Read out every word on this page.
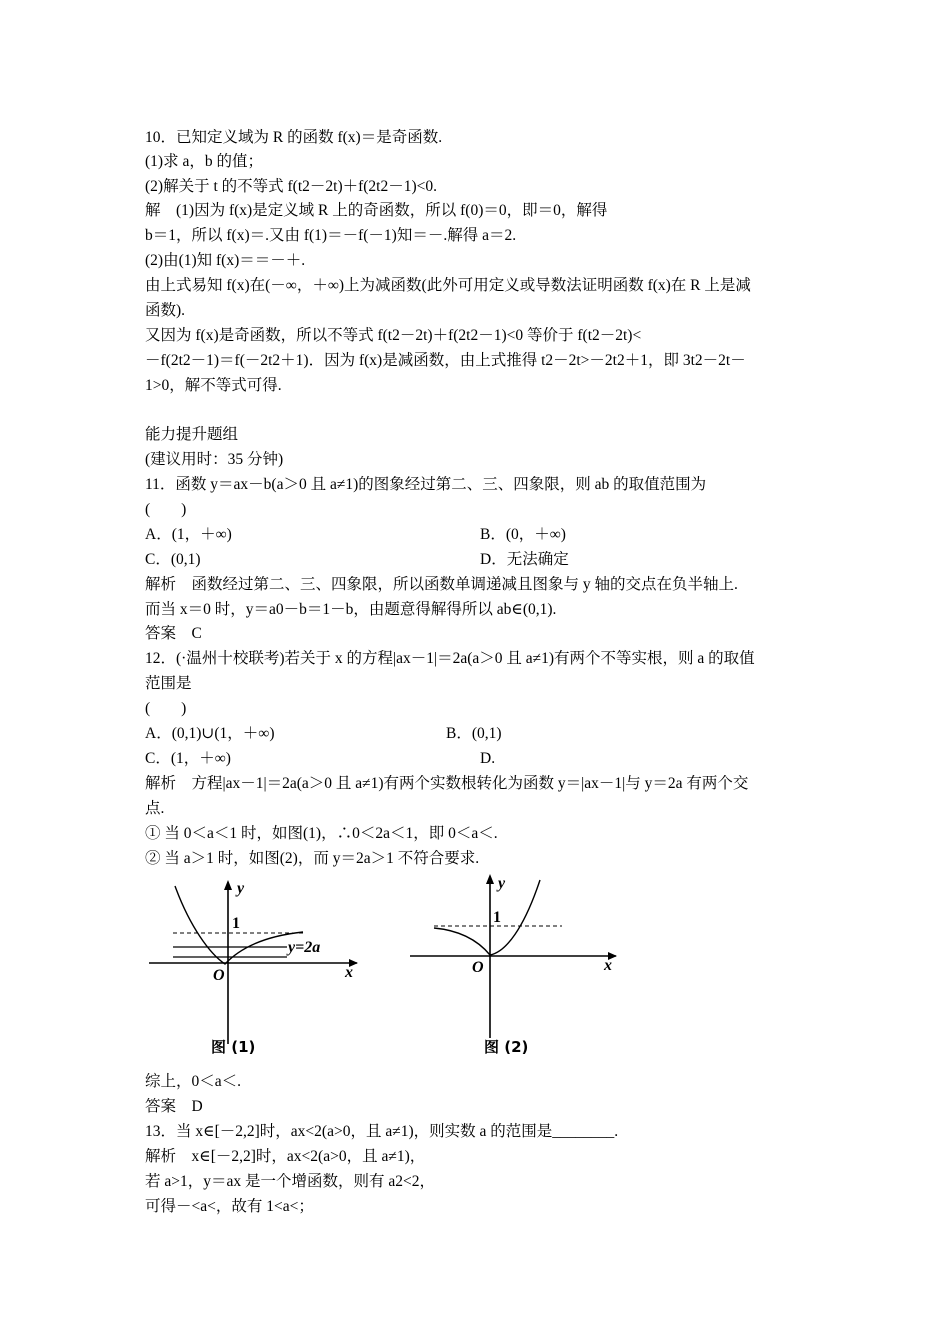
10．已知定义域为 R 的函数 f(x)＝是奇函数.
(1)求 a，b 的值；
(2)解关于 t 的不等式 f(t2－2t)＋f(2t2－1)<0.
解　(1)因为 f(x)是定义域 R 上的奇函数，所以 f(0)＝0，即＝0，解得
b＝1，所以 f(x)＝.又由 f(1)＝－f(－1)知＝－.解得 a＝2.
(2)由(1)知 f(x)＝＝－＋.
由上式易知 f(x)在(－∞，＋∞)上为减函数(此外可用定义或导数法证明函数 f(x)在 R 上是减
函数).
又因为 f(x)是奇函数，所以不等式 f(t2－2t)＋f(2t2－1)<0 等价于 f(t2－2t)<
－f(2t2－1)＝f(－2t2＋1)．因为 f(x)是减函数，由上式推得 t2－2t>－2t2＋1，即 3t2－2t－
1>0，解不等式可得.
能力提升题组
(建议用时：35 分钟)
11．函数 y＝ax－b(a＞0 且 a≠1)的图象经过第二、三、四象限，则 ab 的取值范围为
(　　)
A．(1，＋∞)	B．(0，＋∞)
C．(0,1)	D．无法确定
解析　函数经过第二、三、四象限，所以函数单调递减且图象与 y 轴的交点在负半轴上.
而当 x＝0 时，y＝a0－b＝1－b，由题意得解得所以 ab∈(0,1).
答案　C
12．(·温州十校联考)若关于 x 的方程|ax－1|＝2a(a＞0 且 a≠1)有两个不等实根，则 a 的取值
范围是
(　　)
A．(0,1)∪(1，＋∞)	B．(0,1)
C．(1，＋∞)	D.
解析　方程|ax－1|＝2a(a＞0 且 a≠1)有两个实数根转化为函数 y＝|ax－1|与 y＝2a 有两个交
点.
① 当 0＜a＜1 时，如图(1)，∴0＜2a＜1，即 0＜a＜.
② 当 a＞1 时，如图(2)，而 y＝2a＞1 不符合要求.
y
x
O
1
y=2a
图 (1)
y
x
O
1
图 (2)
综上，0＜a＜.
答案　D
13．当 x∈[－2,2]时，ax<2(a>0，且 a≠1)，则实数 a 的范围是________.
解析　x∈[－2,2]时，ax<2(a>0，且 a≠1)，
若 a>1，y＝ax 是一个增函数，则有 a2<2，
可得－<a<，故有 1<a<；
